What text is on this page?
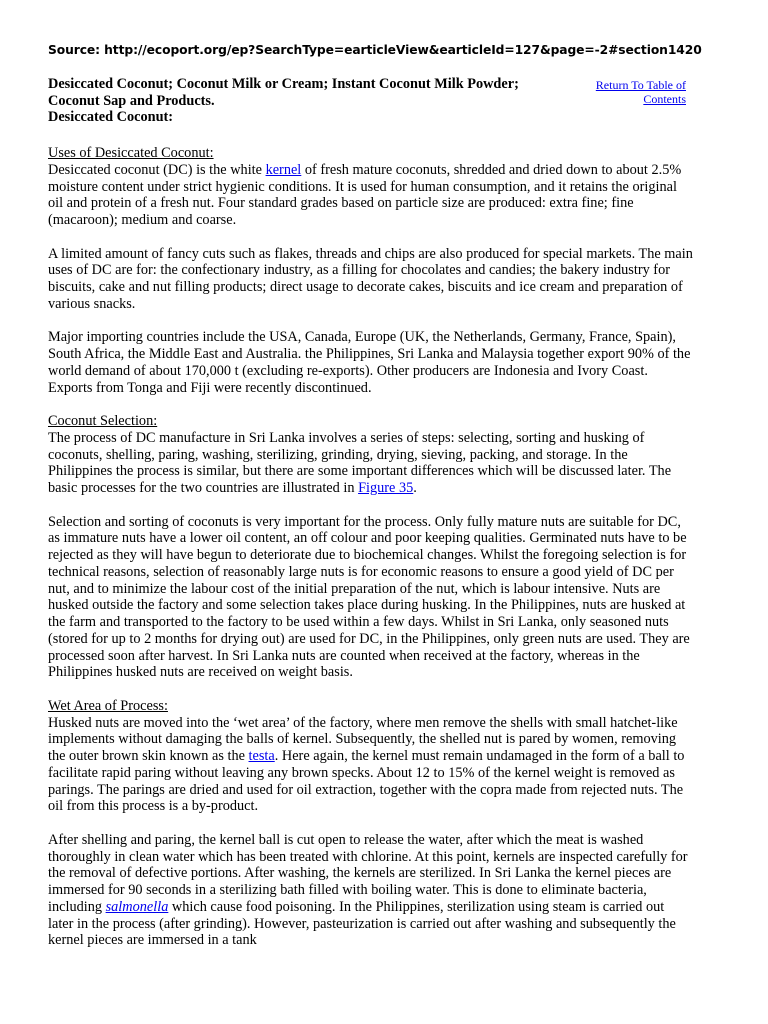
Source: http://ecoport.org/ep?SearchType=earticleView&earticleId=127&page=-2#section1420
Desiccated Coconut; Coconut Milk or Cream; Instant Coconut Milk Powder;
Coconut Sap and Products.
Desiccated Coconut:
Return To Table of
Contents
Uses of Desiccated Coconut:

Desiccated coconut (DC) is the white kernel of fresh mature coconuts, shredded and dried down to about 2.5% moisture content under strict hygienic conditions. It is used for human consumption, and it retains the original oil and protein of a fresh nut. Four standard grades based on particle size are produced: extra fine; fine (macaroon); medium and coarse.

A limited amount of fancy cuts such as flakes, threads and chips are also produced for special markets. The main uses of DC are for: the confectionary industry, as a filling for chocolates and candies; the bakery industry for biscuits, cake and nut filling products; direct usage to decorate cakes, biscuits and ice cream and preparation of various snacks.

Major importing countries include the USA, Canada, Europe (UK, the Netherlands, Germany, France, Spain), South Africa, the Middle East and Australia. the Philippines, Sri Lanka and Malaysia together export 90% of the world demand of about 170,000 t (excluding re-exports). Other producers are Indonesia and Ivory Coast. Exports from Tonga and Fiji were recently discontinued.

Coconut Selection:

The process of DC manufacture in Sri Lanka involves a series of steps: selecting, sorting and husking of coconuts, shelling, paring, washing, sterilizing, grinding, drying, sieving, packing, and storage. In the Philippines the process is similar, but there are some important differences which will be discussed later. The basic processes for the two countries are illustrated in Figure 35.

Selection and sorting of coconuts is very important for the process. Only fully mature nuts are suitable for DC, as immature nuts have a lower oil content, an off colour and poor keeping qualities. Germinated nuts have to be rejected as they will have begun to deteriorate due to biochemical changes. Whilst the foregoing selection is for technical reasons, selection of reasonably large nuts is for economic reasons to ensure a good yield of DC per nut, and to minimize the labour cost of the initial preparation of the nut, which is labour intensive. Nuts are husked outside the factory and some selection takes place during husking. In the Philippines, nuts are husked at the farm and transported to the factory to be used within a few days. Whilst in Sri Lanka, only seasoned nuts (stored for up to 2 months for drying out) are used for DC, in the Philippines, only green nuts are used. They are processed soon after harvest. In Sri Lanka nuts are counted when received at the factory, whereas in the Philippines husked nuts are received on weight basis.

Wet Area of Process:

Husked nuts are moved into the ‘wet area’ of the factory, where men remove the shells with small hatchet-like implements without damaging the balls of kernel. Subsequently, the shelled nut is pared by women, removing the outer brown skin known as the testa. Here again, the kernel must remain undamaged in the form of a ball to facilitate rapid paring without leaving any brown specks. About 12 to 15% of the kernel weight is removed as parings. The parings are dried and used for oil extraction, together with the copra made from rejected nuts. The oil from this process is a by-product.

After shelling and paring, the kernel ball is cut open to release the water, after which the meat is washed thoroughly in clean water which has been treated with chlorine. At this point, kernels are inspected carefully for the removal of defective portions. After washing, the kernels are sterilized. In Sri Lanka the kernel pieces are immersed for 90 seconds in a sterilizing bath filled with boiling water. This is done to eliminate bacteria, including salmonella which cause food poisoning. In the Philippines, sterilization using steam is carried out later in the process (after grinding). However, pasteurization is carried out after washing and subsequently the kernel pieces are immersed in a tank
